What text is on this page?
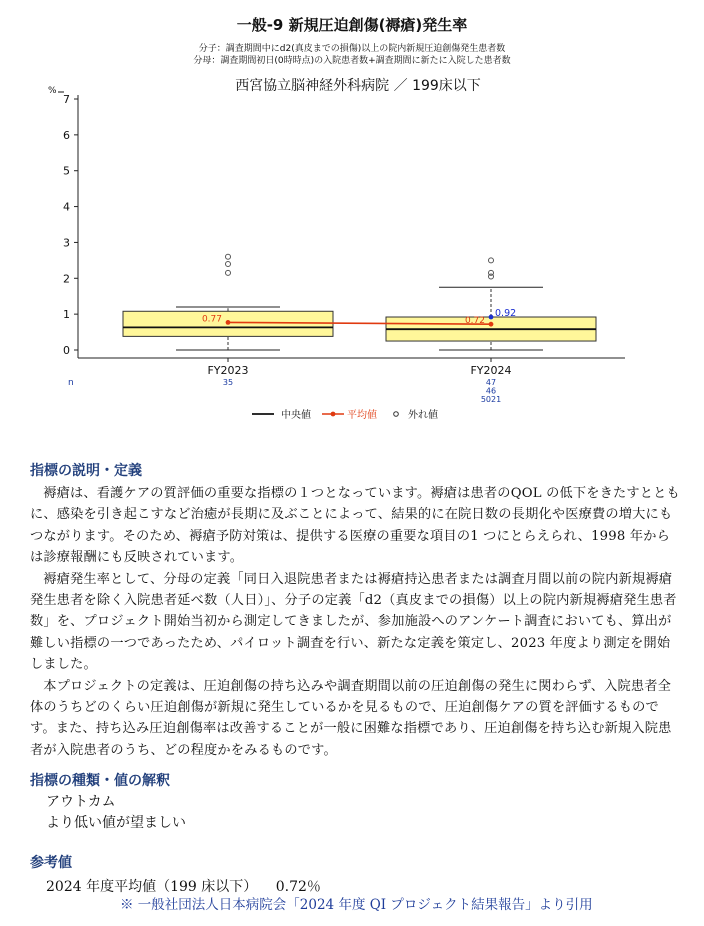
一般-9 新規圧迫創傷(褥瘡)発生率
分子：調査期間中にd2(真皮までの損傷)以上の院内新規圧迫創傷発生患者数
分母：調査期間初日(0時時点)の入院患者数+調査期間に新たに入院した患者数
西宮協立脳神経外科病院 ／ 199床以下
%
0
1
2
3
4
5
6
7
FY2023	FY2024
0.77	0.72
0.92
n	35	47
46
5021
中央値	平均値	外れ値
指標の説明・定義

褥瘡は、看護ケアの質評価の重要な指標の１つとなっています。褥瘡は患者のQOL の低下をきたすとともに、感染を引き起こすなど治癒が長期に及ぶことによって、結果的に在院日数の長期化や医療費の増大にもつながります。そのため、褥瘡予防対策は、提供する医療の重要な項目の1 つにとらえられ、1998 年からは診療報酬にも反映されています。

褥瘡発生率として、分母の定義「同日入退院患者または褥瘡持込患者または調査月間以前の院内新規褥瘡発生患者を除く入院患者延べ数（人日）」、分子の定義「d2（真皮までの損傷）以上の院内新規褥瘡発生患者数」を、プロジェクト開始当初から測定してきましたが、参加施設へのアンケート調査においても、算出が難しい指標の一つであったため、パイロット調査を行い、新たな定義を策定し、2023 年度より測定を開始しました。

本プロジェクトの定義は、圧迫創傷の持ち込みや調査期間以前の圧迫創傷の発生に関わらず、入院患者全体のうちどのくらい圧迫創傷が新規に発生しているかを見るもので、圧迫創傷ケアの質を評価するものです。また、持ち込み圧迫創傷率は改善することが一般に困難な指標であり、圧迫創傷を持ち込む新規入院患者が入院患者のうち、どの程度かをみるものです。

指標の種類・値の解釈
アウトカム
より低い値が望ましい
参考値
2024 年度平均値（199 床以下） 0.72％
※ 一般社団法人日本病院会「2024 年度 QI プロジェクト結果報告」より引用
